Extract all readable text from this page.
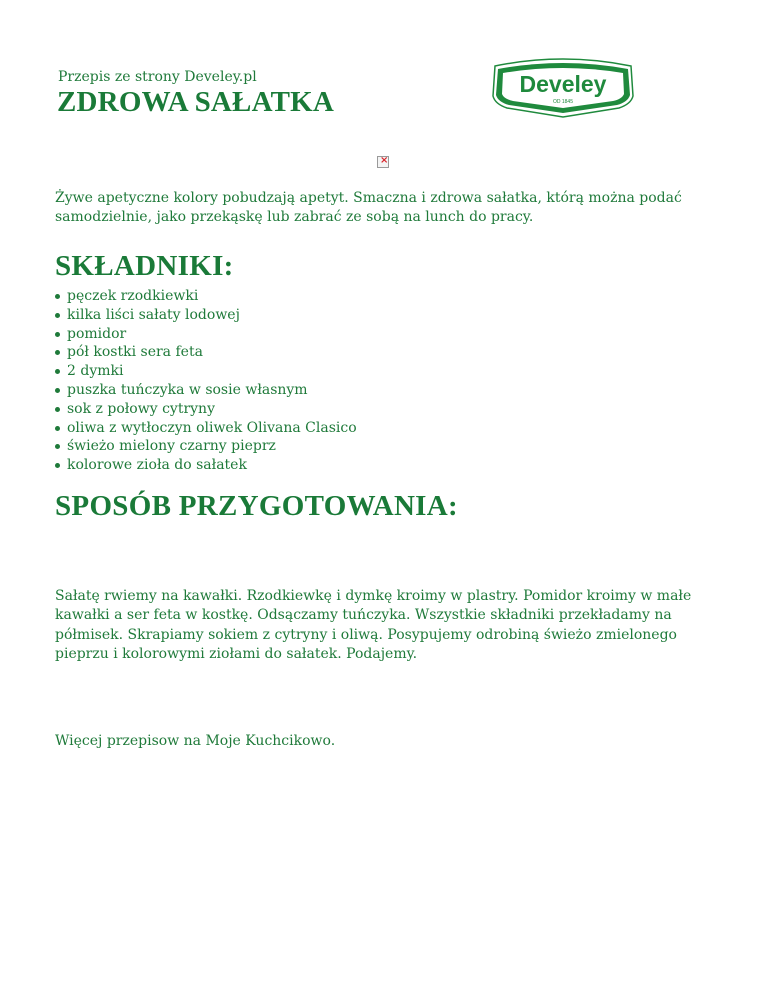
Przepis ze strony Develey.pl
ZDROWA SAŁATKA
Develey
OD 1845
×

Żywe apetyczne kolory pobudzają apetyt. Smaczna i zdrowa sałatka, którą można podać samodzielnie, jako przekąskę lub zabrać ze sobą na lunch do pracy.

SKŁADNIKI:
pęczek rzodkiewki
kilka liści sałaty lodowej
pomidor
pół kostki sera feta
2 dymki
puszka tuńczyka w sosie własnym
sok z połowy cytryny
oliwa z wytłoczyn oliwek Olivana Clasico
świeżo mielony czarny pieprz
kolorowe zioła do sałatek
SPOSÓB PRZYGOTOWANIA:

Sałatę rwiemy na kawałki. Rzodkiewkę i dymkę kroimy w plastry. Pomidor kroimy w małe kawałki a ser feta w kostkę. Odsączamy tuńczyka. Wszystkie składniki przekładamy na półmisek. Skrapiamy sokiem z cytryny i oliwą. Posypujemy odrobiną świeżo zmielonego pieprzu i kolorowymi ziołami do sałatek. Podajemy.

Więcej przepisow na Moje Kuchcikowo.
